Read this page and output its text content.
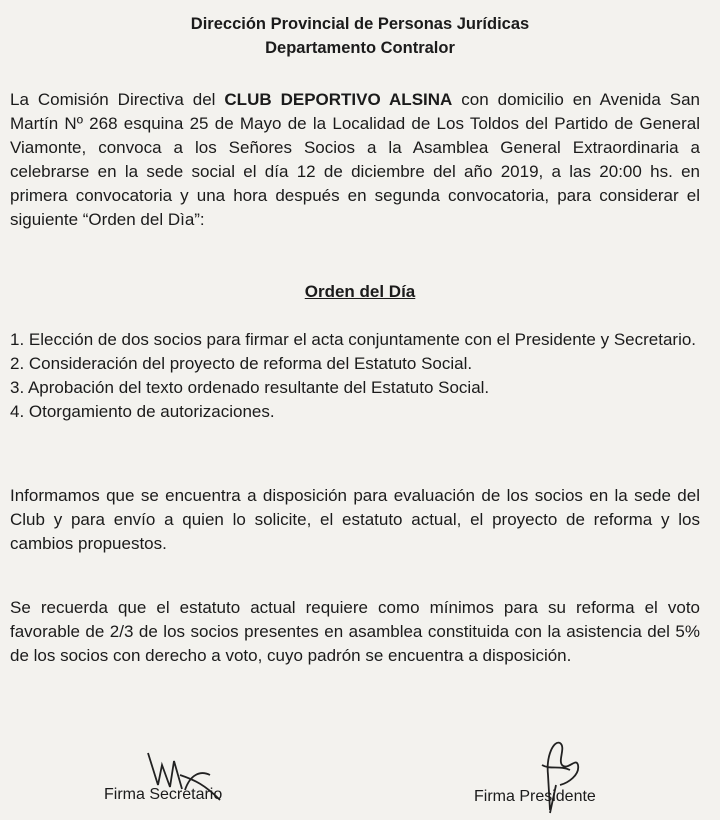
Dirección Provincial de Personas Jurídicas
Departamento Contralor
La Comisión Directiva del CLUB DEPORTIVO ALSINA con domicilio en Avenida San Martín Nº 268 esquina 25 de Mayo de la Localidad de Los Toldos del Partido de General Viamonte, convoca a los Señores Socios a la Asamblea General Extraordinaria a celebrarse en la sede social el día 12 de diciembre del año 2019, a las 20:00 hs. en primera convocatoria y una hora después en segunda convocatoria, para considerar el siguiente “Orden del Dìa”:
Orden del Día
1. Elección de dos socios para firmar el acta conjuntamente con el Presidente y Secretario.
2. Consideración del proyecto de reforma del Estatuto Social.
3. Aprobación del texto ordenado resultante del Estatuto Social.
4. Otorgamiento de autorizaciones.
Informamos que se encuentra a disposición para evaluación de los socios en la sede del Club y para envío a quien lo solicite, el estatuto actual, el proyecto de reforma y los cambios propuestos.
Se recuerda que el estatuto actual requiere como mínimos para su reforma el voto favorable de 2/3 de los socios presentes en asamblea constituida con la asistencia del 5% de los socios con derecho a voto, cuyo padrón se encuentra a disposición.
Firma Secretario	Firma Presidente
